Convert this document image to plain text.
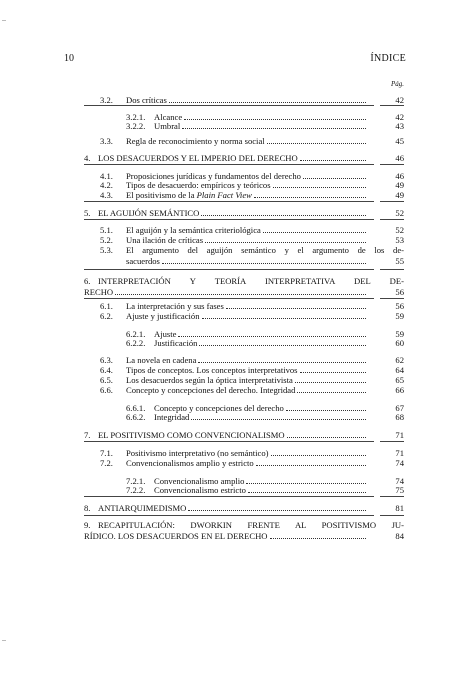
10	ÍNDICE
Pág.
3.2. Dos críticas	42
3.2.1. Alcance	42
3.2.2. Umbral	43
3.3. Regla de reconocimiento y norma social	45
4. LOS DESACUERDOS Y EL IMPERIO DEL DERECHO	46
4.1. Proposiciones jurídicas y fundamentos del derecho	46
4.2. Tipos de desacuerdo: empíricos y teóricos	49
4.3. El positivismo de la Plain Fact View	49
5. EL AGUIJÓN SEMÁNTICO	52
5.1. El aguijón y la semántica criteriológica	52
5.2. Una ilación de críticas	53
5.3. El argumento del aguijón semántico y el argumento de los de-
sacuerdos	55
6. INTERPRETACIÓN Y TEORÍA INTERPRETATIVA DEL DE-
RECHO	56
6.1. La interpretación y sus fases	56
6.2. Ajuste y justificación	59
6.2.1. Ajuste	59
6.2.2. Justificación	60
6.3. La novela en cadena	62
6.4. Tipos de conceptos. Los conceptos interpretativos	64
6.5. Los desacuerdos según la óptica interpretativista	65
6.6. Concepto y concepciones del derecho. Integridad	66
6.6.1. Concepto y concepciones del derecho	67
6.6.2. Integridad	68
7. EL POSITIVISMO COMO CONVENCIONALISMO	71
7.1. Positivismo interpretativo (no semántico)	71
7.2. Convencionalismos amplio y estricto	74
7.2.1. Convencionalismo amplio	74
7.2.2. Convencionalismo estricto	75
8. ANTIARQUIMEDISMO	81
9. RECAPITULACIÓN: DWORKIN FRENTE AL POSITIVISMO JU-
RÍDICO. LOS DESACUERDOS EN EL DERECHO	84
